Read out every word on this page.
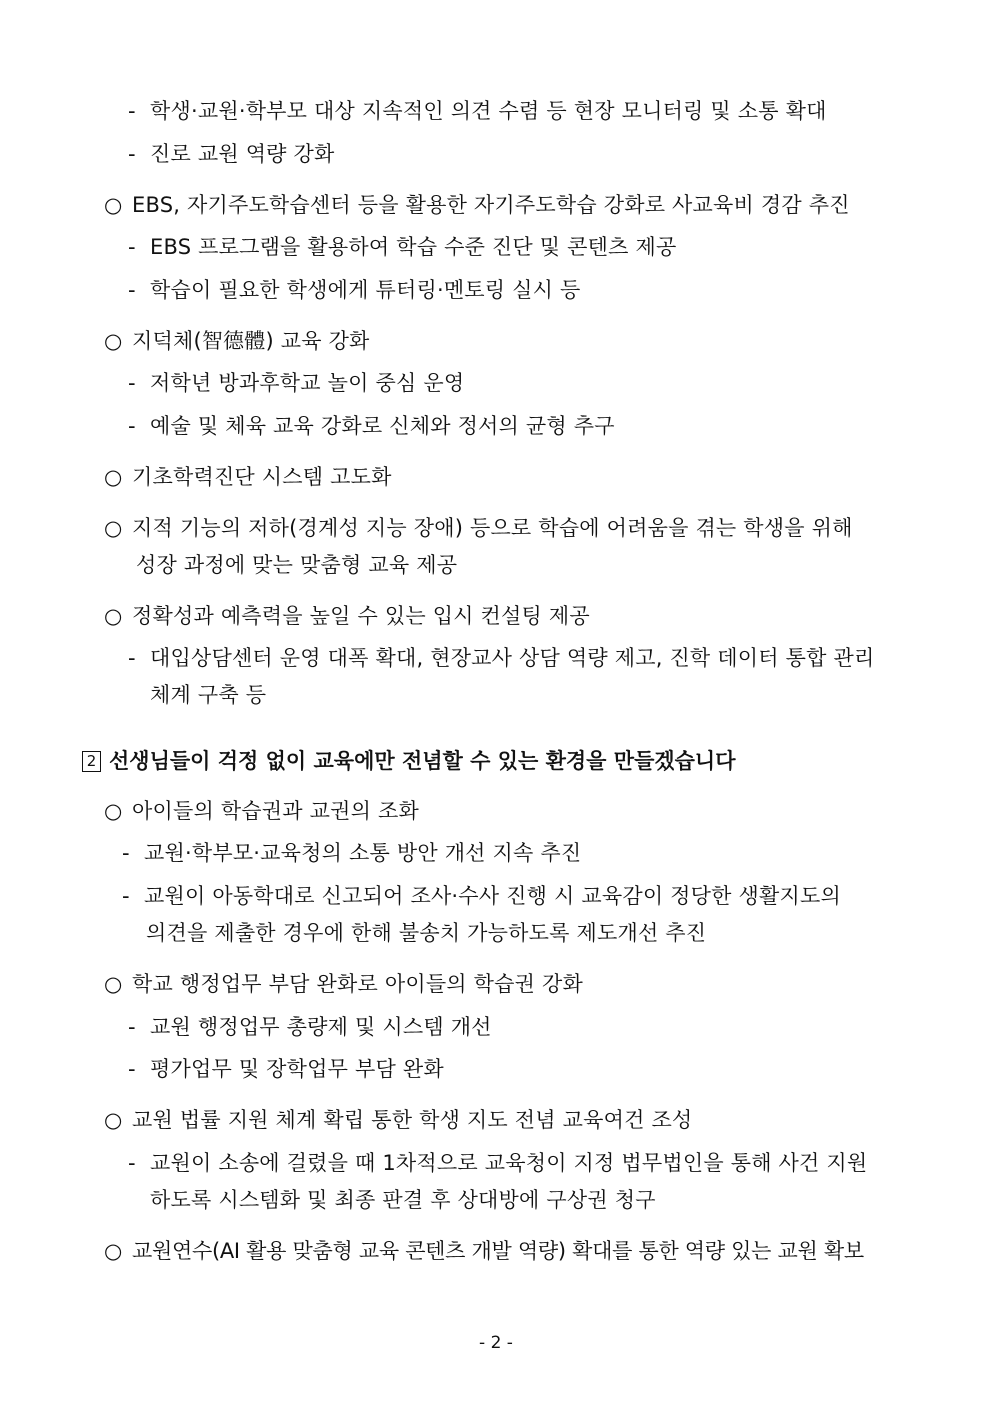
- 학생·교원·학부모 대상 지속적인 의견 수렴 등 현장 모니터링 및 소통 확대
- 진로 교원 역량 강화
○ EBS, 자기주도학습센터 등을 활용한 자기주도학습 강화로 사교육비 경감 추진
- EBS 프로그램을 활용하여 학습 수준 진단 및 콘텐츠 제공
- 학습이 필요한 학생에게 튜터링·멘토링 실시 등
○ 지덕체(智德體) 교육 강화
- 저학년 방과후학교 놀이 중심 운영
- 예술 및 체육 교육 강화로 신체와 정서의 균형 추구
○ 기초학력진단 시스템 고도화
○ 지적 기능의 저하(경계성 지능 장애) 등으로 학습에 어려움을 겪는 학생을 위해
성장 과정에 맞는 맞춤형 교육 제공
○ 정확성과 예측력을 높일 수 있는 입시 컨설팅 제공
- 대입상담센터 운영 대폭 확대, 현장교사 상담 역량 제고, 진학 데이터 통합 관리
체계 구축 등
2 선생님들이 걱정 없이 교육에만 전념할 수 있는 환경을 만들겠습니다
○ 아이들의 학습권과 교권의 조화
- 교원·학부모·교육청의 소통 방안 개선 지속 추진
- 교원이 아동학대로 신고되어 조사·수사 진행 시 교육감이 정당한 생활지도의
의견을 제출한 경우에 한해 불송치 가능하도록 제도개선 추진
○ 학교 행정업무 부담 완화로 아이들의 학습권 강화
- 교원 행정업무 총량제 및 시스템 개선
- 평가업무 및 장학업무 부담 완화
○ 교원 법률 지원 체계 확립 통한 학생 지도 전념 교육여건 조성
- 교원이 소송에 걸렸을 때 1차적으로 교육청이 지정 법무법인을 통해 사건 지원
하도록 시스템화 및 최종 판결 후 상대방에 구상권 청구
○ 교원연수(AI 활용 맞춤형 교육 콘텐츠 개발 역량) 확대를 통한 역량 있는 교원 확보
- 2 -
